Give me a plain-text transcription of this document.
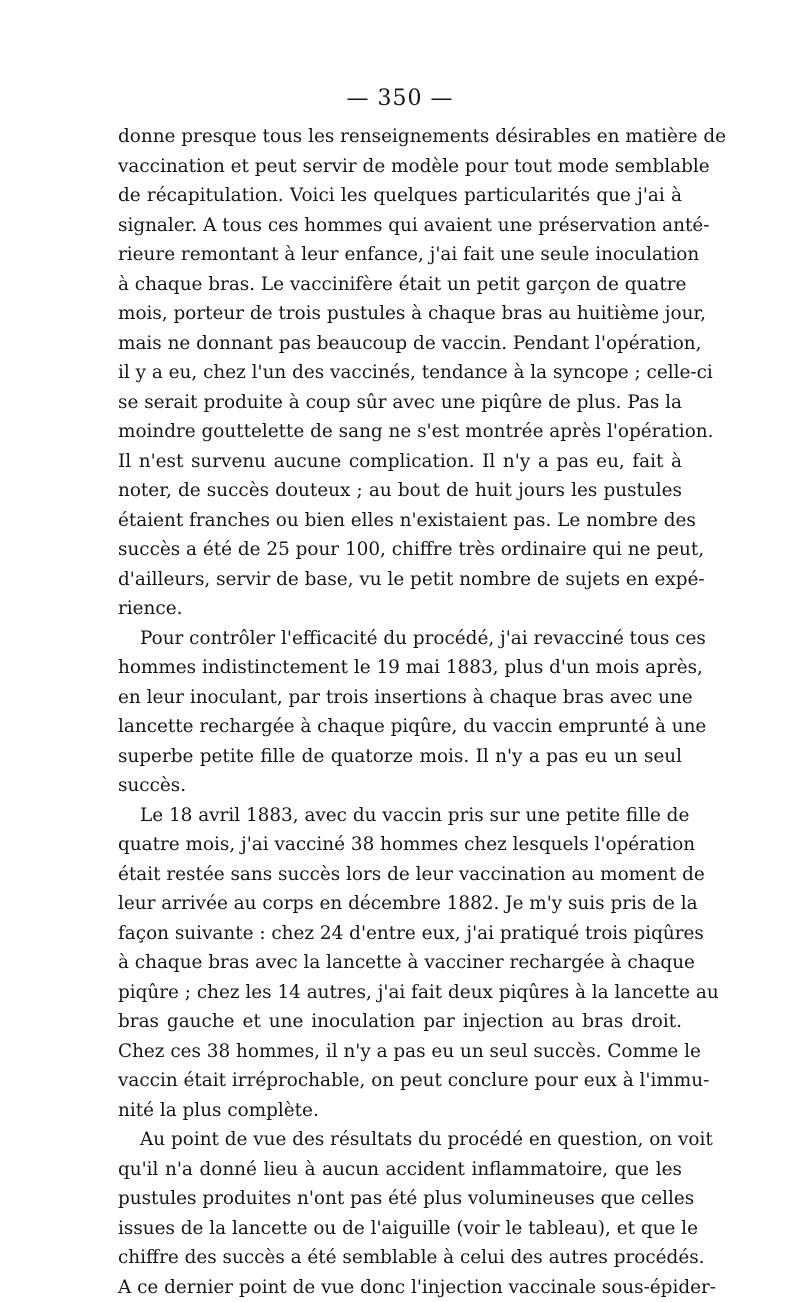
— 350 —
donne presque tous les renseignements désirables en matière de
vaccination et peut servir de modèle pour tout mode semblable
de récapitulation. Voici les quelques particularités que j'ai à
signaler. A tous ces hommes qui avaient une préservation anté-
rieure remontant à leur enfance, j'ai fait une seule inoculation
à chaque bras. Le vaccinifère était un petit garçon de quatre
mois, porteur de trois pustules à chaque bras au huitième jour,
mais ne donnant pas beaucoup de vaccin. Pendant l'opération,
il y a eu, chez l'un des vaccinés, tendance à la syncope ; celle-ci
se serait produite à coup sûr avec une piqûre de plus. Pas la
moindre gouttelette de sang ne s'est montrée après l'opération.
Il n'est survenu aucune complication. Il n'y a pas eu, fait à
noter, de succès douteux ; au bout de huit jours les pustules
étaient franches ou bien elles n'existaient pas. Le nombre des
succès a été de 25 pour 100, chiffre très ordinaire qui ne peut,
d'ailleurs, servir de base, vu le petit nombre de sujets en expé-
rience.
Pour contrôler l'efficacité du procédé, j'ai revacciné tous ces
hommes indistinctement le 19 mai 1883, plus d'un mois après,
en leur inoculant, par trois insertions à chaque bras avec une
lancette rechargée à chaque piqûre, du vaccin emprunté à une
superbe petite fille de quatorze mois. Il n'y a pas eu un seul
succès.
Le 18 avril 1883, avec du vaccin pris sur une petite fille de
quatre mois, j'ai vacciné 38 hommes chez lesquels l'opération
était restée sans succès lors de leur vaccination au moment de
leur arrivée au corps en décembre 1882. Je m'y suis pris de la
façon suivante : chez 24 d'entre eux, j'ai pratiqué trois piqûres
à chaque bras avec la lancette à vacciner rechargée à chaque
piqûre ; chez les 14 autres, j'ai fait deux piqûres à la lancette au
bras gauche et une inoculation par injection au bras droit.
Chez ces 38 hommes, il n'y a pas eu un seul succès. Comme le
vaccin était irréprochable, on peut conclure pour eux à l'immu-
nité la plus complète.
Au point de vue des résultats du procédé en question, on voit
qu'il n'a donné lieu à aucun accident inflammatoire, que les
pustules produites n'ont pas été plus volumineuses que celles
issues de la lancette ou de l'aiguille (voir le tableau), et que le
chiffre des succès a été semblable à celui des autres procédés.
A ce dernier point de vue donc l'injection vaccinale sous-épider-
